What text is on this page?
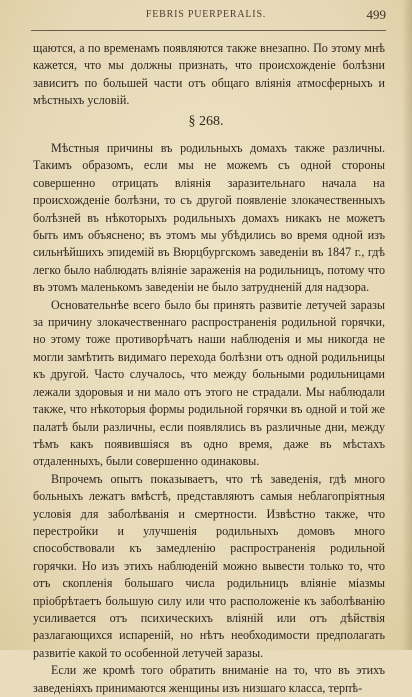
FEBRIS PUERPERALIS.	499

щаются, а по временамъ появляются также внезапно. По этому мнѣ кажется, что мы должны признать, что происхожденіе болѣзни зависитъ по большей части отъ общаго вліянія атмосферныхъ и мѣстныхъ условій.

§ 268.

Мѣстныя причины въ родильныхъ домахъ также различны. Такимъ образомъ, если мы не можемъ съ одной стороны совершенно отрицать вліянія заразительнаго начала на происхожденіе болѣзни, то съ другой появленіе злокачественныхъ болѣзней въ нѣкоторыхъ родильныхъ домахъ никакъ не можетъ быть имъ объяснено; въ этомъ мы убѣдились во время одной изъ сильнѣйшихъ эпидемій въ Вюрцбургскомъ заведеніи въ 1847 г., гдѣ легко было наблюдать вліяніе зараженія на родильницъ, потому что въ этомъ маленькомъ заведеніи не было затрудненій для надзора.

Основательнѣе всего было бы принять развитіе летучей заразы за причину злокачественнаго распространенія родильной горячки, но этому тоже противорѣчатъ наши наблюденія и мы никогда не могли замѣтить видимаго перехода болѣзни отъ одной родильницы къ другой. Часто случалось, что между больными родильницами лежали здоровыя и ни мало отъ этого не страдали. Мы наблюдали также, что нѣкоторыя формы родильной горячки въ одной и той же палатѣ были различны, если появлялись въ различные дни, между тѣмъ какъ появившіяся въ одно время, даже въ мѣстахъ отдаленныхъ, были совершенно одинаковы.

Впрочемъ опытъ показываетъ, что тѣ заведенія, гдѣ много больныхъ лежатъ вмѣстѣ, представляютъ самыя неблагопріятныя условія для заболѣванія и смертности. Извѣстно также, что перестройки и улучшенія родильныхъ домовъ много способствовали къ замедленію распространенія родильной горячки. Но изъ этихъ наблюденій можно вывести только то, что отъ скопленія большаго числа родильницъ вліяніе міазмы пріобрѣтаетъ большую силу или что расположеніе къ заболѣванію усиливается отъ психическихъ вліяній или отъ дѣйствія разлагающихся испареній, но нѣтъ необходимости предполагать развитіе какой то особенной летучей заразы.

Если же кромѣ того обратить вниманіе на то, что въ этихъ заведеніяхъ принимаются женщины изъ низшаго класса, терпѣ-
